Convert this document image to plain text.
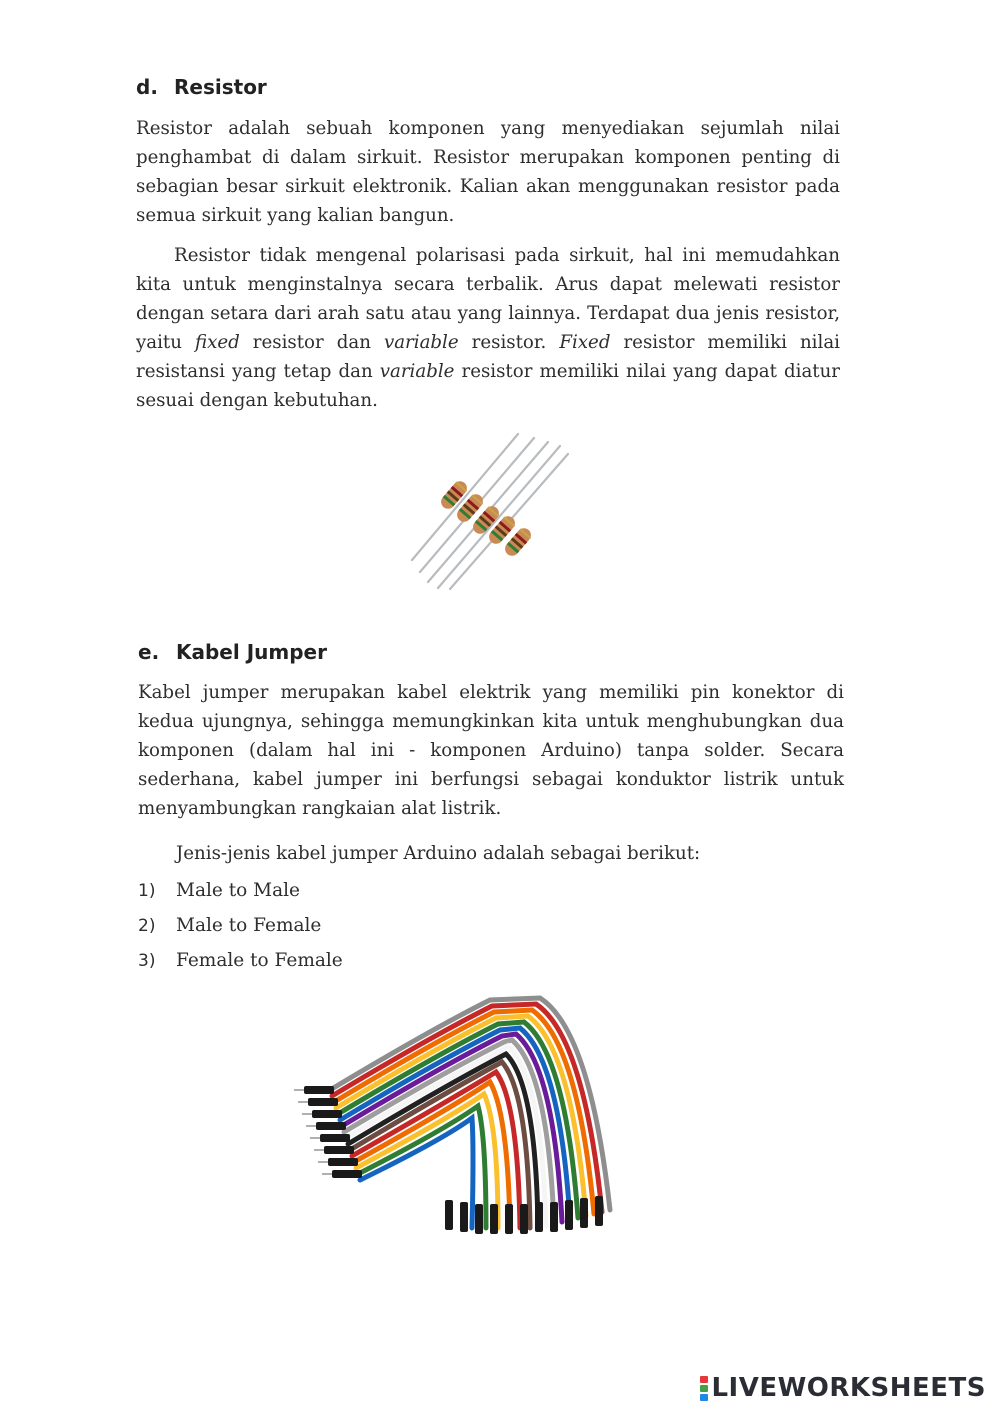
d. Resistor

Resistor adalah sebuah komponen yang menyediakan sejumlah nilai penghambat di dalam sirkuit. Resistor merupakan komponen penting di sebagian besar sirkuit elektronik. Kalian akan menggunakan resistor pada semua sirkuit yang kalian bangun.

Resistor tidak mengenal polarisasi pada sirkuit, hal ini memudahkan kita untuk menginstalnya secara terbalik. Arus dapat melewati resistor dengan setara dari arah satu atau yang lainnya. Terdapat dua jenis resistor, yaitu fixed resistor dan variable resistor. Fixed resistor memiliki nilai resistansi yang tetap dan variable resistor memiliki nilai yang dapat diatur sesuai dengan kebutuhan.

e. Kabel Jumper

Kabel jumper merupakan kabel elektrik yang memiliki pin konektor di kedua ujungnya, sehingga memungkinkan kita untuk menghubungkan dua komponen (dalam hal ini - komponen Arduino) tanpa solder. Secara sederhana, kabel jumper ini berfungsi sebagai konduktor listrik untuk menyambungkan rangkaian alat listrik.

Jenis-jenis kabel jumper Arduino adalah sebagai berikut:

1) Male to Male
2) Male to Female
3) Female to Female
LIVEWORKSHEETS
